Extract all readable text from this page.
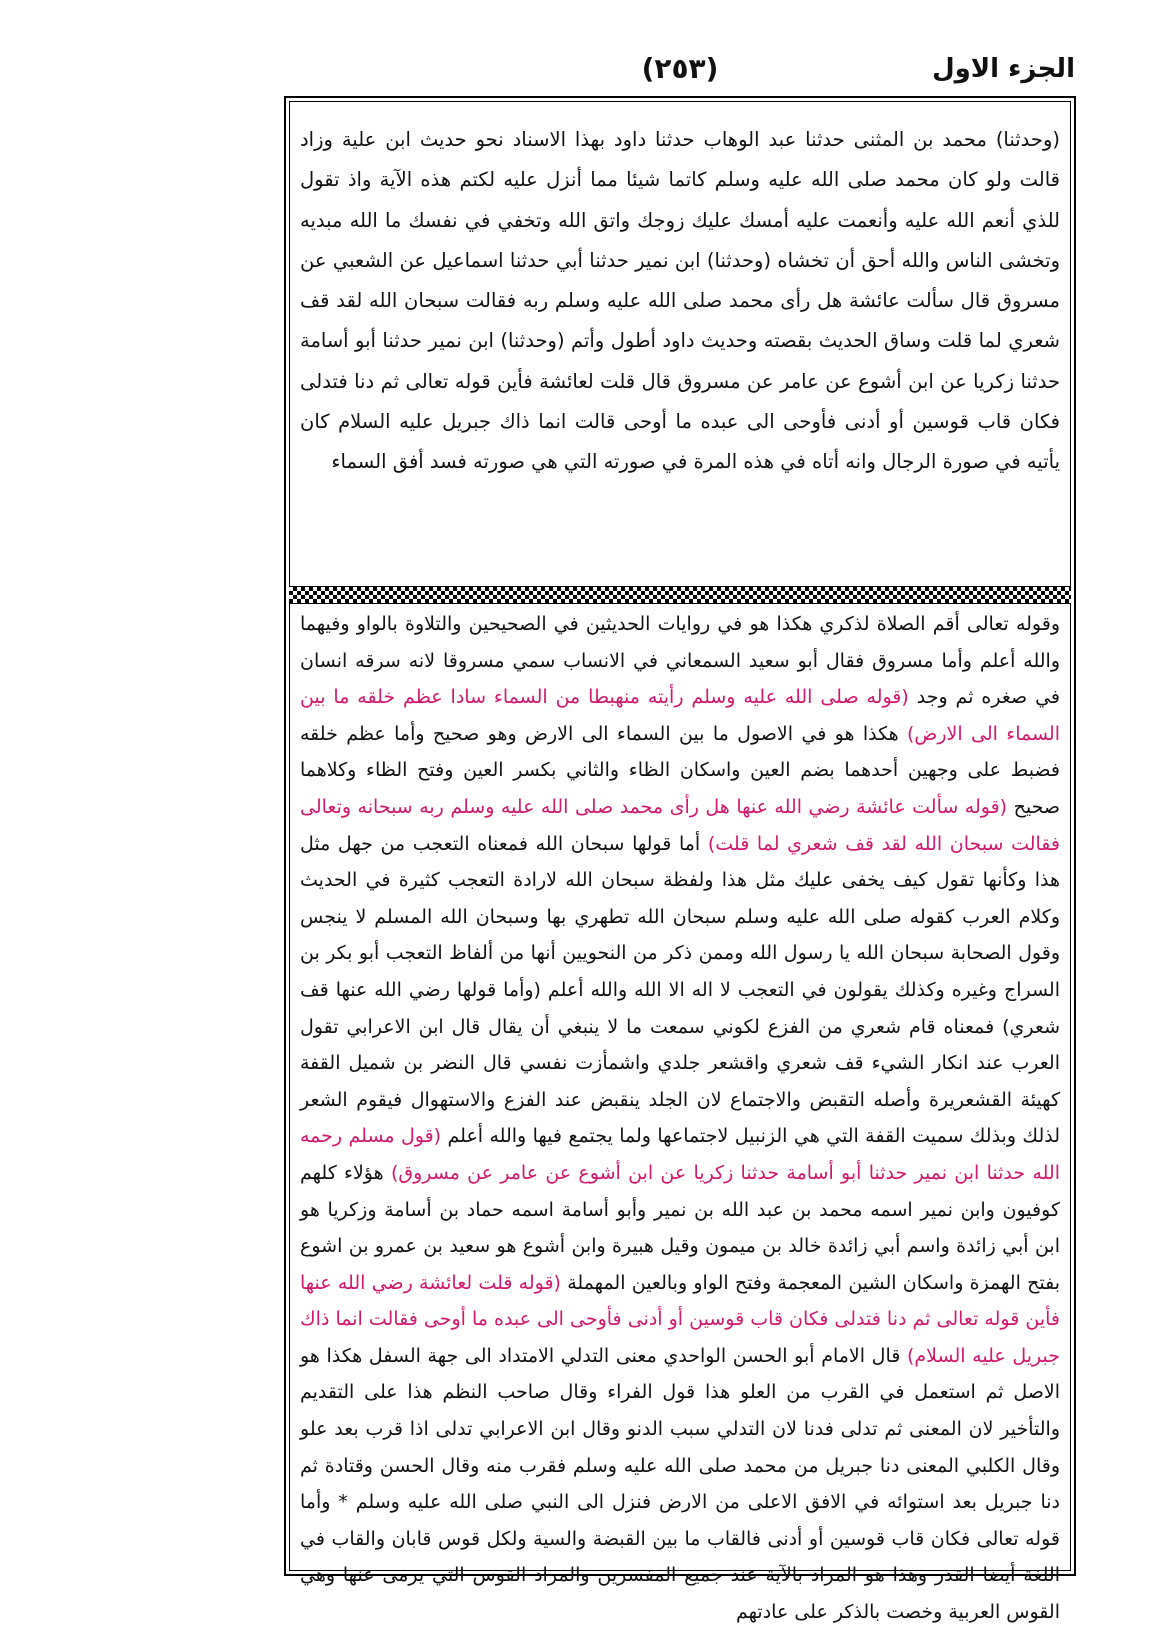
الجزء الاول
(٢٥٣)

(وحدثنا) محمد بن المثنى حدثنا عبد الوهاب حدثنا داود بهذا الاسناد نحو حديث ابن علية وزاد قالت ولو كان محمد صلى الله عليه وسلم كاتما شيئا مما أنزل عليه لكتم هذه الآية واذ تقول للذي أنعم الله عليه وأنعمت عليه أمسك عليك زوجك واتق الله وتخفي في نفسك ما الله مبديه وتخشى الناس والله أحق أن تخشاه (وحدثنا) ابن نمير حدثنا أبي حدثنا اسماعيل عن الشعبي عن مسروق قال سألت عائشة هل رأى محمد صلى الله عليه وسلم ربه فقالت سبحان الله لقد قف شعري لما قلت وساق الحديث بقصته وحديث داود أطول وأتم (وحدثنا) ابن نمير حدثنا أبو أسامة حدثنا زكريا عن ابن أشوع عن عامر عن مسروق قال قلت لعائشة فأين قوله تعالى ثم دنا فتدلى فكان قاب قوسين أو أدنى فأوحى الى عبده ما أوحى قالت انما ذاك جبريل عليه السلام كان يأتيه في صورة الرجال وانه أتاه في هذه المرة في صورته التي هي صورته فسد أفق السماء

وقوله تعالى أقم الصلاة لذكري هكذا هو في روايات الحديثين في الصحيحين والتلاوة بالواو وفيهما والله أعلم وأما مسروق فقال أبو سعيد السمعاني في الانساب سمي مسروقا لانه سرقه انسان في صغره ثم وجد (قوله صلى الله عليه وسلم رأيته منهبطا من السماء سادا عظم خلقه ما بين السماء الى الارض) هكذا هو في الاصول ما بين السماء الى الارض وهو صحيح وأما عظم خلقه فضبط على وجهين أحدهما بضم العين واسكان الظاء والثاني بكسر العين وفتح الظاء وكلاهما صحيح (قوله سألت عائشة رضي الله عنها هل رأى محمد صلى الله عليه وسلم ربه سبحانه وتعالى فقالت سبحان الله لقد قف شعري لما قلت) أما قولها سبحان الله فمعناه التعجب من جهل مثل هذا وكأنها تقول كيف يخفى عليك مثل هذا ولفظة سبحان الله لارادة التعجب كثيرة في الحديث وكلام العرب كقوله صلى الله عليه وسلم سبحان الله تطهري بها وسبحان الله المسلم لا ينجس وقول الصحابة سبحان الله يا رسول الله وممن ذكر من النحويين أنها من ألفاظ التعجب أبو بكر بن السراج وغيره وكذلك يقولون في التعجب لا اله الا الله والله أعلم (وأما قولها رضي الله عنها قف شعري) فمعناه قام شعري من الفزع لكوني سمعت ما لا ينبغي أن يقال قال ابن الاعرابي تقول العرب عند انكار الشيء قف شعري واقشعر جلدي واشمأزت نفسي قال النضر بن شميل القفة كهيئة القشعريرة وأصله التقبض والاجتماع لان الجلد ينقبض عند الفزع والاستهوال فيقوم الشعر لذلك وبذلك سميت القفة التي هي الزنبيل لاجتماعها ولما يجتمع فيها والله أعلم (قول مسلم رحمه الله حدثنا ابن نمير حدثنا أبو أسامة حدثنا زكريا عن ابن أشوع عن عامر عن مسروق) هؤلاء كلهم كوفيون وابن نمير اسمه محمد بن عبد الله بن نمير وأبو أسامة اسمه حماد بن أسامة وزكريا هو ابن أبي زائدة واسم أبي زائدة خالد بن ميمون وقيل هبيرة وابن أشوع هو سعيد بن عمرو بن اشوع بفتح الهمزة واسكان الشين المعجمة وفتح الواو وبالعين المهملة (قوله قلت لعائشة رضي الله عنها فأين قوله تعالى ثم دنا فتدلى فكان قاب قوسين أو أدنى فأوحى الى عبده ما أوحى فقالت انما ذاك جبريل عليه السلام) قال الامام أبو الحسن الواحدي معنى التدلي الامتداد الى جهة السفل هكذا هو الاصل ثم استعمل في القرب من العلو هذا قول الفراء وقال صاحب النظم هذا على التقديم والتأخير لان المعنى ثم تدلى فدنا لان التدلي سبب الدنو وقال ابن الاعرابي تدلى اذا قرب بعد علو وقال الكلبي المعنى دنا جبريل من محمد صلى الله عليه وسلم فقرب منه وقال الحسن وقتادة ثم دنا جبريل بعد استوائه في الافق الاعلى من الارض فنزل الى النبي صلى الله عليه وسلم * وأما قوله تعالى فكان قاب قوسين أو أدنى فالقاب ما بين القبضة والسية ولكل قوس قابان والقاب في اللغة أيضا القدر وهذا هو المراد بالآية عند جميع المفسرين والمراد القوس التي يرمى عنها وهي القوس العربية وخصت بالذكر على عادتهم
